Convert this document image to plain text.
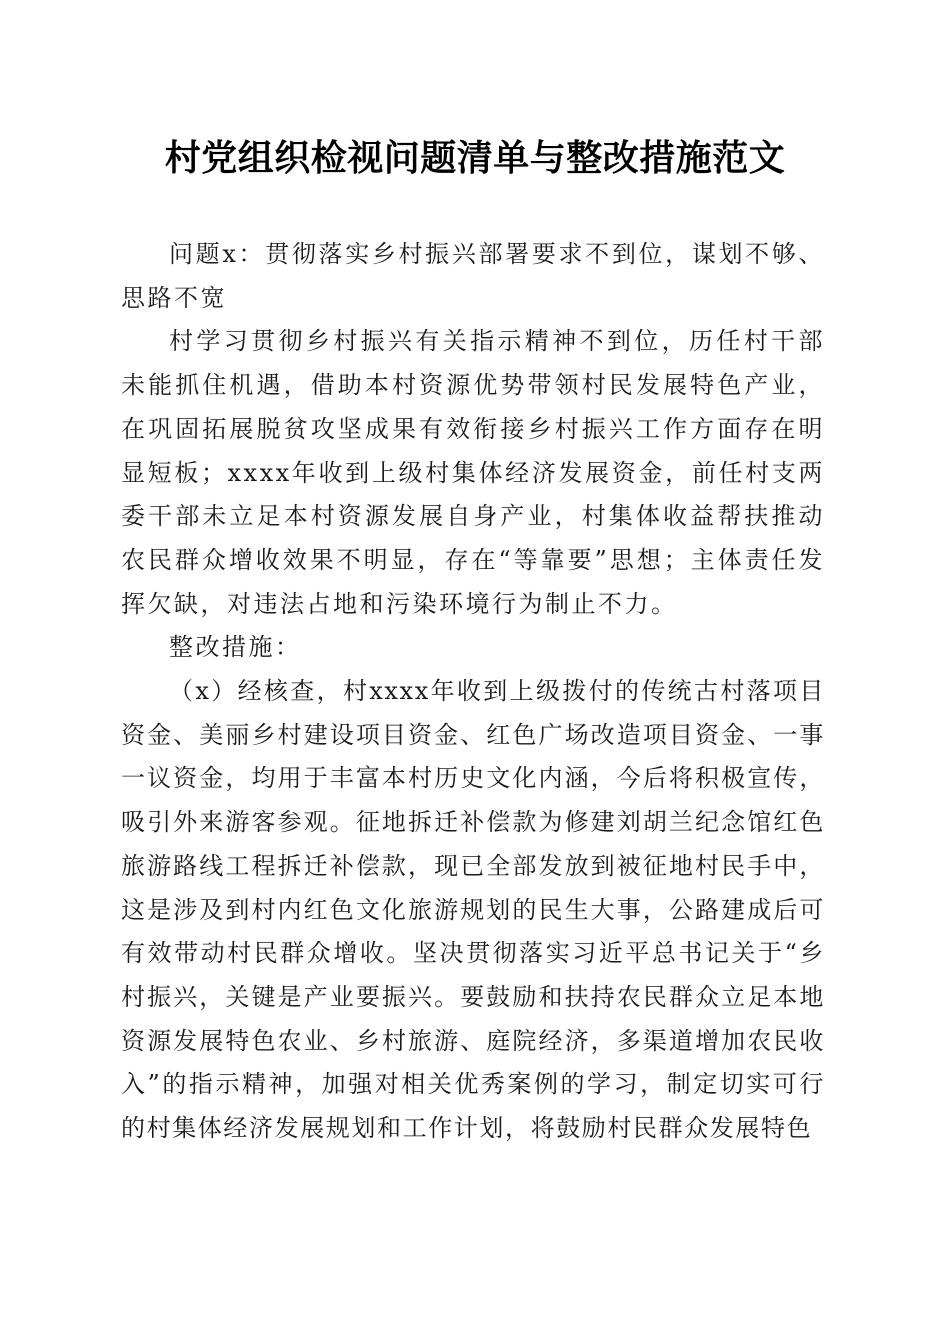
村党组织检视问题清单与整改措施范文

问题x：贯彻落实乡村振兴部署要求不到位，谋划不够、思路不宽

村学习贯彻乡村振兴有关指示精神不到位，历任村干部未能抓住机遇，借助本村资源优势带领村民发展特色产业，在巩固拓展脱贫攻坚成果有效衔接乡村振兴工作方面存在明显短板；xxxx年收到上级村集体经济发展资金，前任村支两委干部未立足本村资源发展自身产业，村集体收益帮扶推动农民群众增收效果不明显，存在“等靠要”思想；主体责任发挥欠缺，对违法占地和污染环境行为制止不力。

整改措施：

（x）经核查，村xxxx年收到上级拨付的传统古村落项目资金、美丽乡村建设项目资金、红色广场改造项目资金、一事一议资金，均用于丰富本村历史文化内涵，今后将积极宣传，吸引外来游客参观。征地拆迁补偿款为修建刘胡兰纪念馆红色旅游路线工程拆迁补偿款，现已全部发放到被征地村民手中，这是涉及到村内红色文化旅游规划的民生大事，公路建成后可有效带动村民群众增收。坚决贯彻落实习近平总书记关于“乡村振兴，关键是产业要振兴。要鼓励和扶持农民群众立足本地资源发展特色农业、乡村旅游、庭院经济，多渠道增加农民收入”的指示精神，加强对相关优秀案例的学习，制定切实可行的村集体经济发展规划和工作计划，将鼓励村民群众发展特色
